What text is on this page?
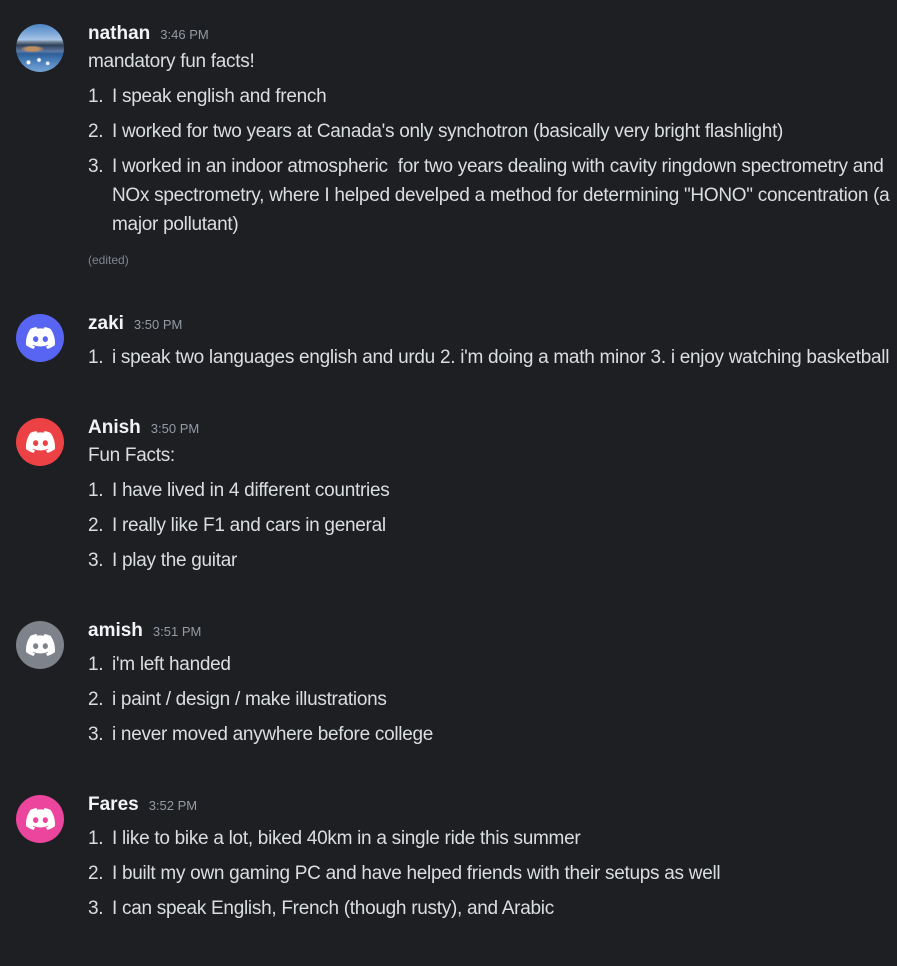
nathan 3:46 PM
mandatory fun facts!
1. I speak english and french
2. I worked for two years at Canada's only synchotron (basically very bright flashlight)
3. I worked in an indoor atmospheric  for two years dealing with cavity ringdown spectrometry and NOx spectrometry, where I helped develped a method for determining "HONO" concentration (a major pollutant)
(edited)
zaki 3:50 PM
1. i speak two languages english and urdu 2. i'm doing a math minor 3. i enjoy watching basketball
Anish 3:50 PM
Fun Facts:
1. I have lived in 4 different countries
2. I really like F1 and cars in general
3. I play the guitar
amish 3:51 PM
1. i'm left handed
2. i paint / design / make illustrations
3. i never moved anywhere before college
Fares 3:52 PM
1. I like to bike a lot, biked 40km in a single ride this summer
2. I built my own gaming PC and have helped friends with their setups as well
3. I can speak English, French (though rusty), and Arabic
